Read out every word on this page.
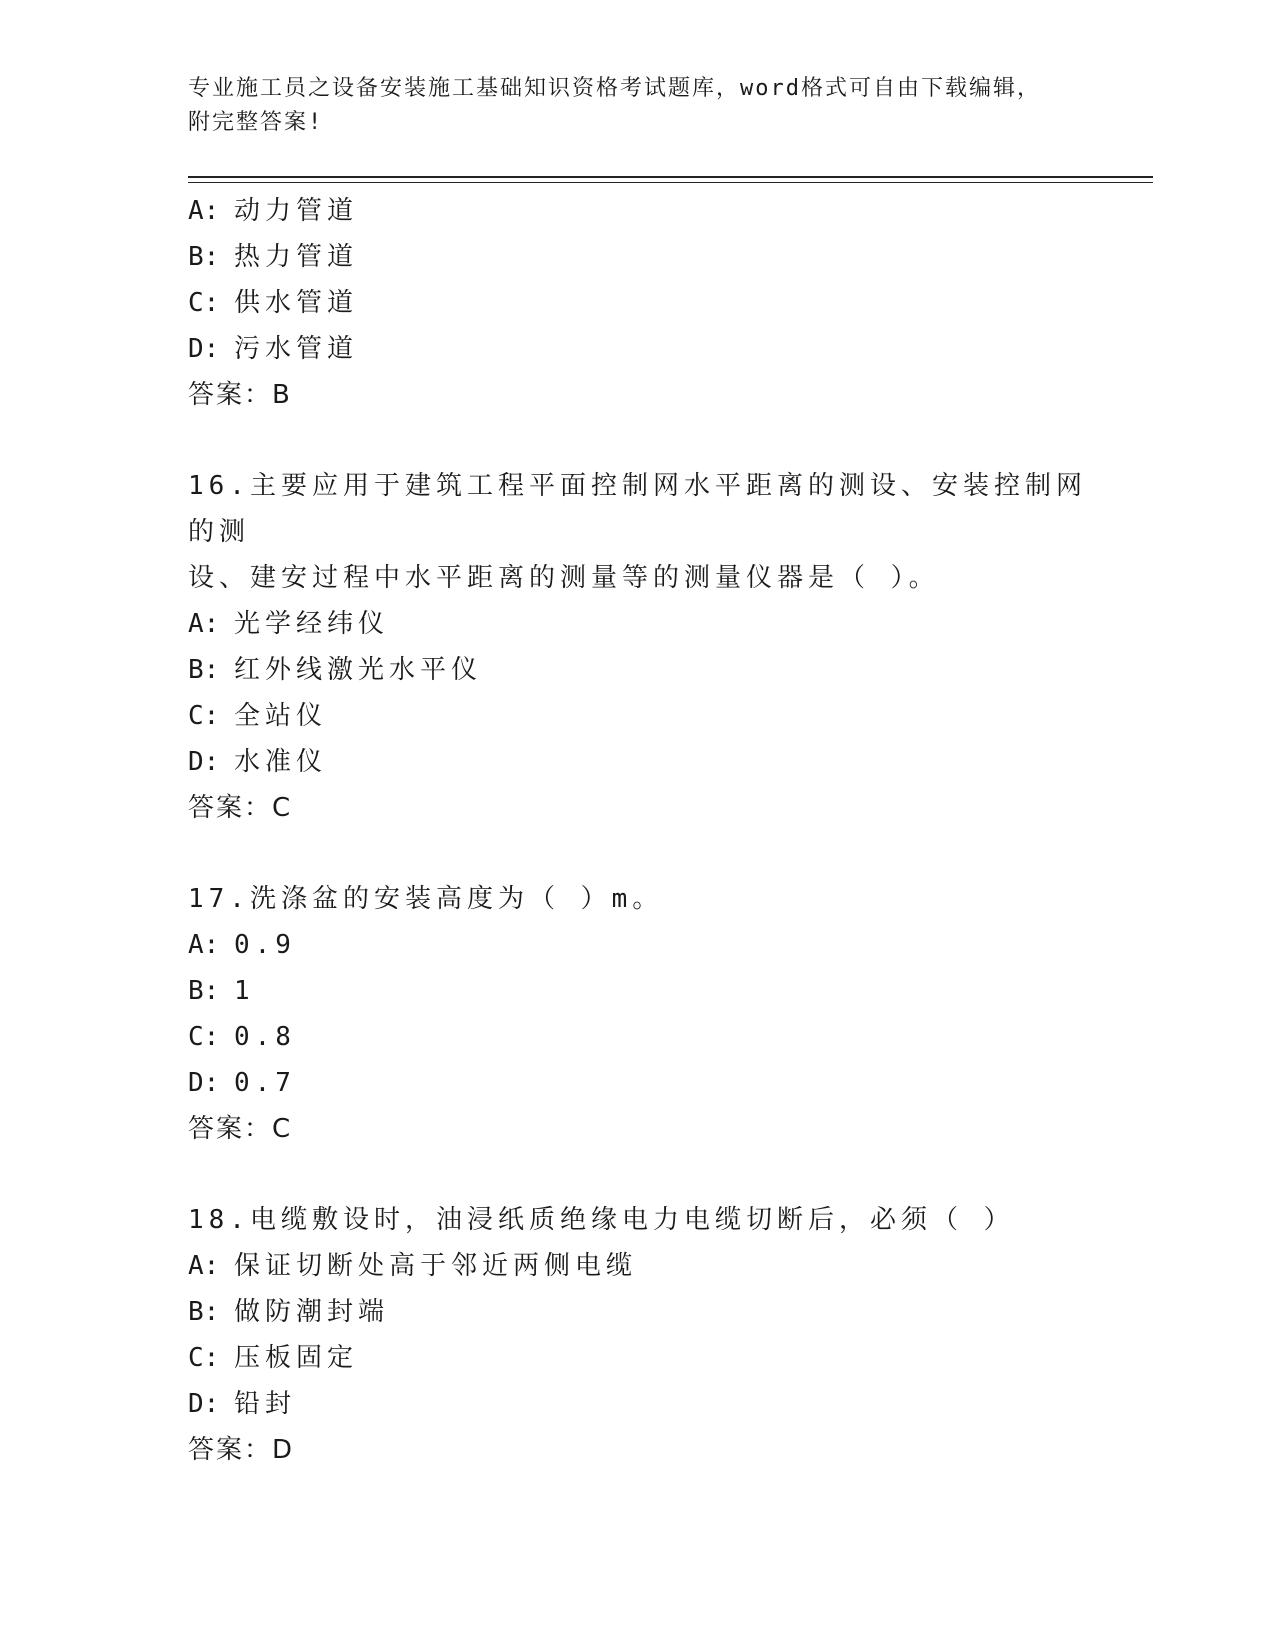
专业施工员之设备安装施工基础知识资格考试题库，word格式可自由下载编辑，
附完整答案!
A: 动力管道
B: 热力管道
C: 供水管道
D: 污水管道
答案：B
16.主要应用于建筑工程平面控制网水平距离的测设、安装控制网的测
设、建安过程中水平距离的测量等的测量仪器是（ ）。
A: 光学经纬仪
B: 红外线激光水平仪
C: 全站仪
D: 水准仪
答案：C
17.洗涤盆的安装高度为（ ）m。
A: 0.9
B: 1
C: 0.8
D: 0.7
答案：C
18.电缆敷设时，油浸纸质绝缘电力电缆切断后，必须（ ）
A: 保证切断处高于邻近两侧电缆
B: 做防潮封端
C: 压板固定
D: 铅封
答案：D
